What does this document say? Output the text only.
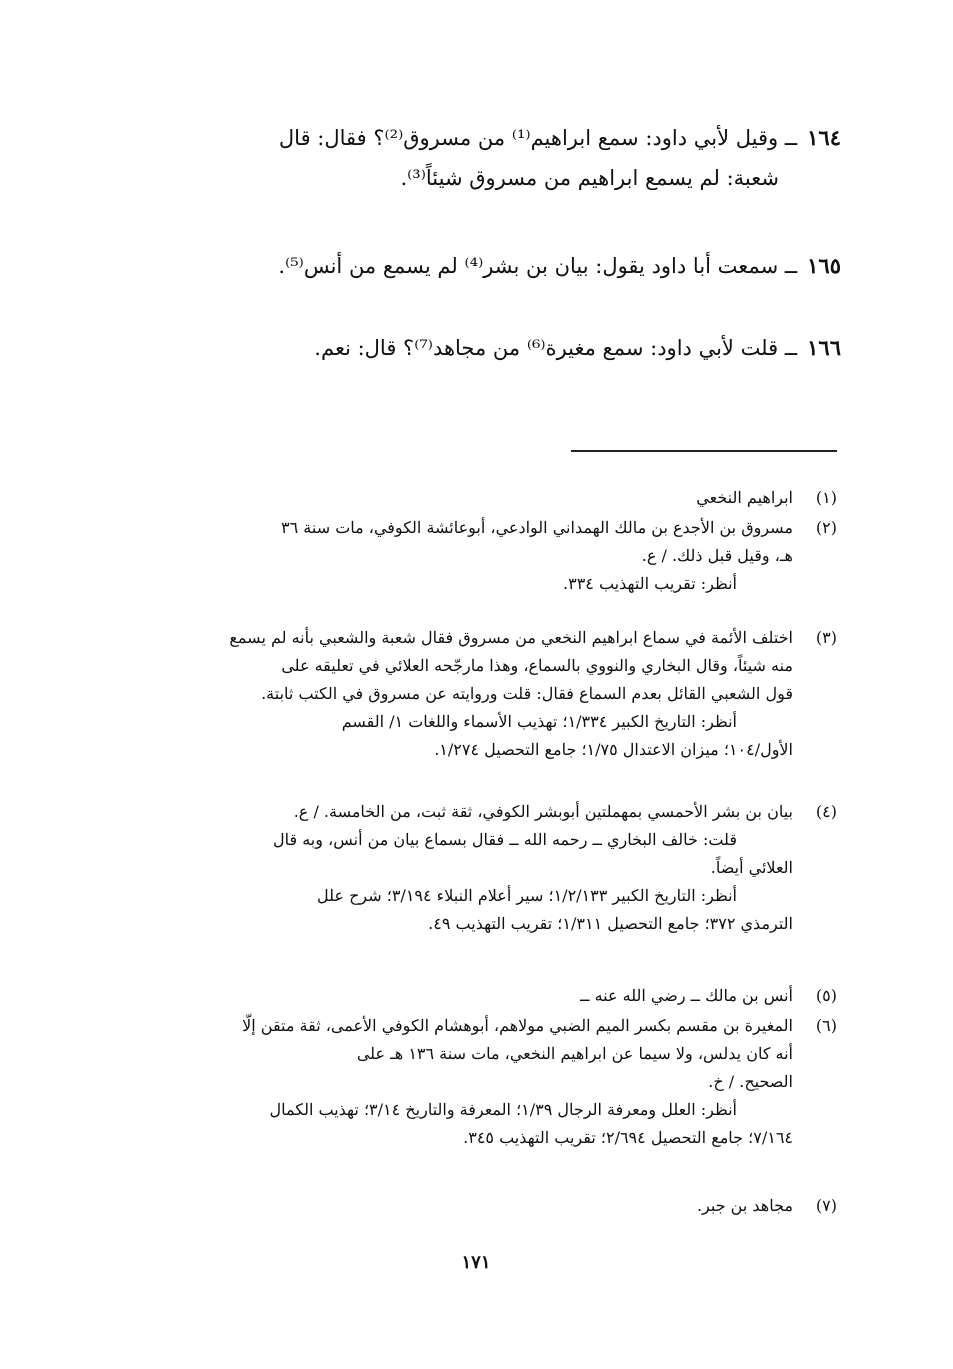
١٦٤ــ وقيل لأبي داود: سمع ابراهيم⁽¹⁾ من مسروق⁽²⁾؟ فقال: قال
شعبة: لم يسمع ابراهيم من مسروق شيئاً⁽³⁾.
١٦٥ــ سمعت أبا داود يقول: بيان بن بشر⁽⁴⁾ لم يسمع من أنس⁽⁵⁾.
١٦٦ــ قلت لأبي داود: سمع مغيرة⁽⁶⁾ من مجاهد⁽⁷⁾؟ قال: نعم.
(١)

ابراهيم النخعي

(٢)

مسروق بن الأجدع بن مالك الهمداني الوادعي، أبوعائشة الكوفي، مات سنة ٣٦

هـ، وقيل قبل ذلك. / ع.

أنظر: تقريب التهذيب ٣٣٤.

(٣)

اختلف الأئمة في سماع ابراهيم النخعي من مسروق فقال شعبة والشعبي بأنه لم يسمع

منه شيئاً، وقال البخاري والنووي بالسماع، وهذا مارجّحه العلائي في تعليقه على

قول الشعبي القائل بعدم السماع فقال: قلت وروايته عن مسروق في الكتب ثابتة.

أنظر: التاريخ الكبير ١/٣٣٤؛ تهذيب الأسماء واللغات ١/ القسم

الأول/١٠٤؛ ميزان الاعتدال ١/٧٥؛ جامع التحصيل ١/٢٧٤.

(٤)

بيان بن بشر الأحمسي بمهملتين أبوبشر الكوفي، ثقة ثبت، من الخامسة. / ع.

قلت: خالف البخاري ــ رحمه الله ــ فقال بسماع بيان من أنس، وبه قال

العلائي أيضاً.

أنظر: التاريخ الكبير ١/٢/١٣٣؛ سير أعلام النبلاء ٣/١٩٤؛ شرح علل

الترمذي ٣٧٢؛ جامع التحصيل ١/٣١١؛ تقريب التهذيب ٤٩.

(٥)

أنس بن مالك ــ رضي الله عنه ــ

(٦)

المغيرة بن مقسم بكسر الميم الضبي مولاهم، أبوهشام الكوفي الأعمى، ثقة متقن إلّا

أنه كان يدلس، ولا سيما عن ابراهيم النخعي، مات سنة ١٣٦ هـ على

الصحيح. / خ.

أنظر: العلل ومعرفة الرجال ١/٣٩؛ المعرفة والتاريخ ٣/١٤؛ تهذيب الكمال

٧/١٦٤؛ جامع التحصيل ٢/٦٩٤؛ تقريب التهذيب ٣٤٥.

(٧)

مجاهد بن جبر.

١٧١
